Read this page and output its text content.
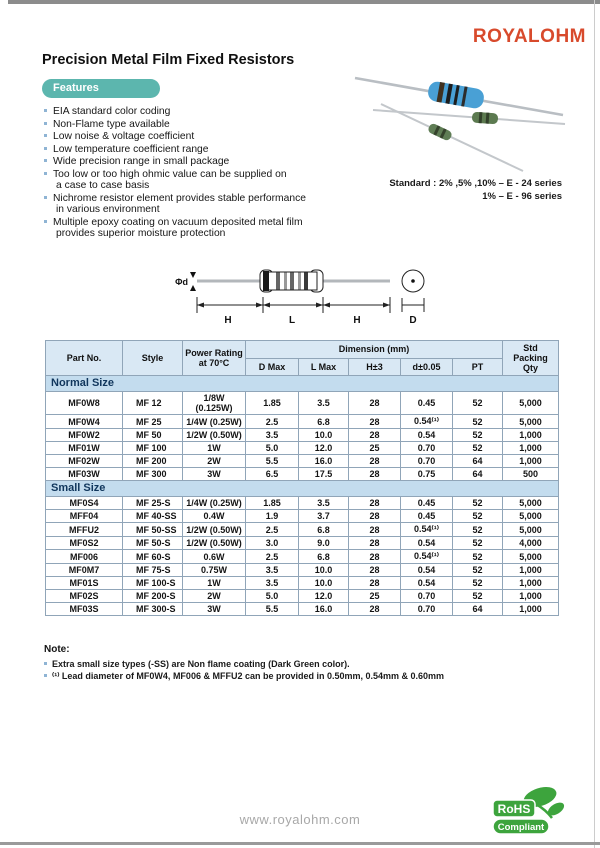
ROYALOHM
Precision Metal Film Fixed Resistors
Features
EIA standard color coding
Non-Flame type available
Low noise & voltage coefficient
Low temperature coefficient range
Wide precision range in small package
Too low or too high ohmic value can be supplied on
a case to case basis
Nichrome resistor element provides stable performance
in various environment
Multiple epoxy coating on vacuum deposited metal film
provides superior moisture protection
Standard : 2% ,5% ,10% – E - 24 series
1% – E - 96 series
Φd
H	L	H	D
Part No.	Style	Power Rating at 70°C	Dimension (mm)					Std Packing Qty
			D Max	L Max	H±3	d±0.05	PT	
Normal Size								
MF0W8	MF 12	1/8W (0.125W)	1.85	3.5	28	0.45	52	5,000
MF0W4	MF 25	1/4W (0.25W)	2.5	6.8	28	0.54⁽¹⁾	52	5,000
MF0W2	MF 50	1/2W (0.50W)	3.5	10.0	28	0.54	52	1,000
MF01W	MF 100	1W	5.0	12.0	25	0.70	52	1,000
MF02W	MF 200	2W	5.5	16.0	28	0.70	64	1,000
MF03W	MF 300	3W	6.5	17.5	28	0.75	64	500
Small Size								
MF0S4	MF 25-S	1/4W (0.25W)	1.85	3.5	28	0.45	52	5,000
MFF04	MF 40-SS	0.4W	1.9	3.7	28	0.45	52	5,000
MFFU2	MF 50-SS	1/2W (0.50W)	2.5	6.8	28	0.54⁽¹⁾	52	5,000
MF0S2	MF 50-S	1/2W (0.50W)	3.0	9.0	28	0.54	52	4,000
MF006	MF 60-S	0.6W	2.5	6.8	28	0.54⁽¹⁾	52	5,000
MF0M7	MF 75-S	0.75W	3.5	10.0	28	0.54	52	1,000
MF01S	MF 100-S	1W	3.5	10.0	28	0.54	52	1,000
MF02S	MF 200-S	2W	5.0	12.0	25	0.70	52	1,000
MF03S	MF 300-S	3W	5.5	16.0	28	0.70	64	1,000
Note:
Extra small size types (-SS) are Non flame coating (Dark Green color).
⁽¹⁾ Lead diameter of MF0W4, MF006 & MFFU2 can be provided in 0.50mm, 0.54mm & 0.60mm
www.royalohm.com
RoHS
Compliant
